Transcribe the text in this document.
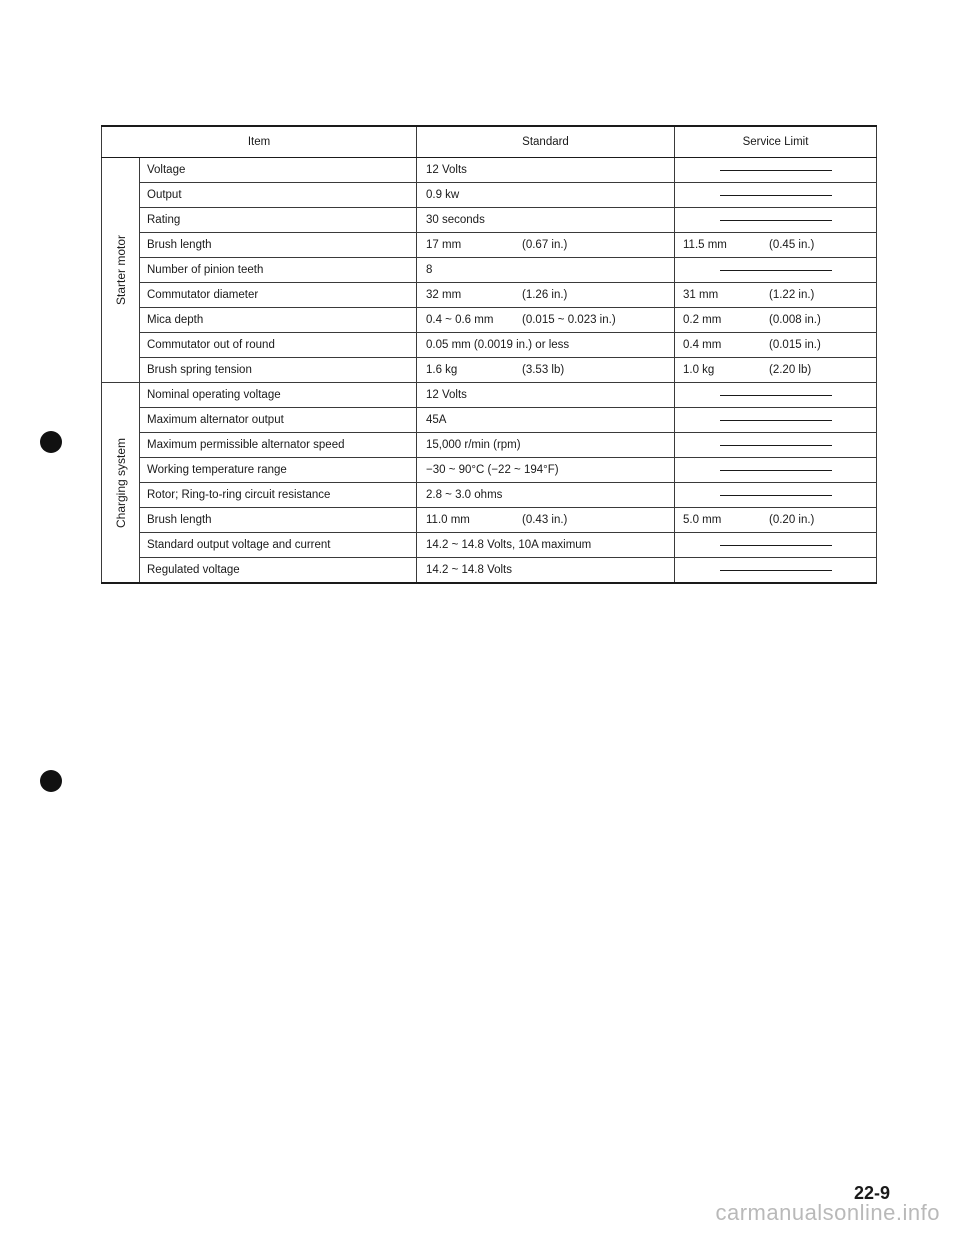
Item		Standard	Service Limit

Starter motor	Voltage	12 Volts	

	Output	0.9 kw	

	Rating	30 seconds	

	Brush length	17 mm (0.67 in.)	11.5 mm (0.45 in.)
	Number of pinion teeth	8	

	Commutator diameter	32 mm (1.26 in.)	31 mm (1.22 in.)
	Mica depth	0.4 ~ 0.6 mm (0.015 ~ 0.023 in.)	0.2 mm (0.008 in.)
	Commutator out of round	0.05 mm (0.0019 in.) or less	0.4 mm (0.015 in.)
	Brush spring tension	1.6 kg (3.53 lb)	1.0 kg (2.20 lb)

Charging system	Nominal operating voltage	12 Volts	

	Maximum alternator output	45A	

	Maximum permissible alternator speed	15,000 r/min (rpm)	

	Working temperature range	−30 ~ 90°C (−22 ~ 194°F)	

	Rotor; Ring-to-ring circuit resistance	2.8 ~ 3.0 ohms	

	Brush length	11.0 mm (0.43 in.)	5.0 mm (0.20 in.)
	Standard output voltage and current	14.2 ~ 14.8 Volts, 10A maximum	

	Regulated voltage	14.2 ~ 14.8 Volts	
22-9
carmanualsonline.info
